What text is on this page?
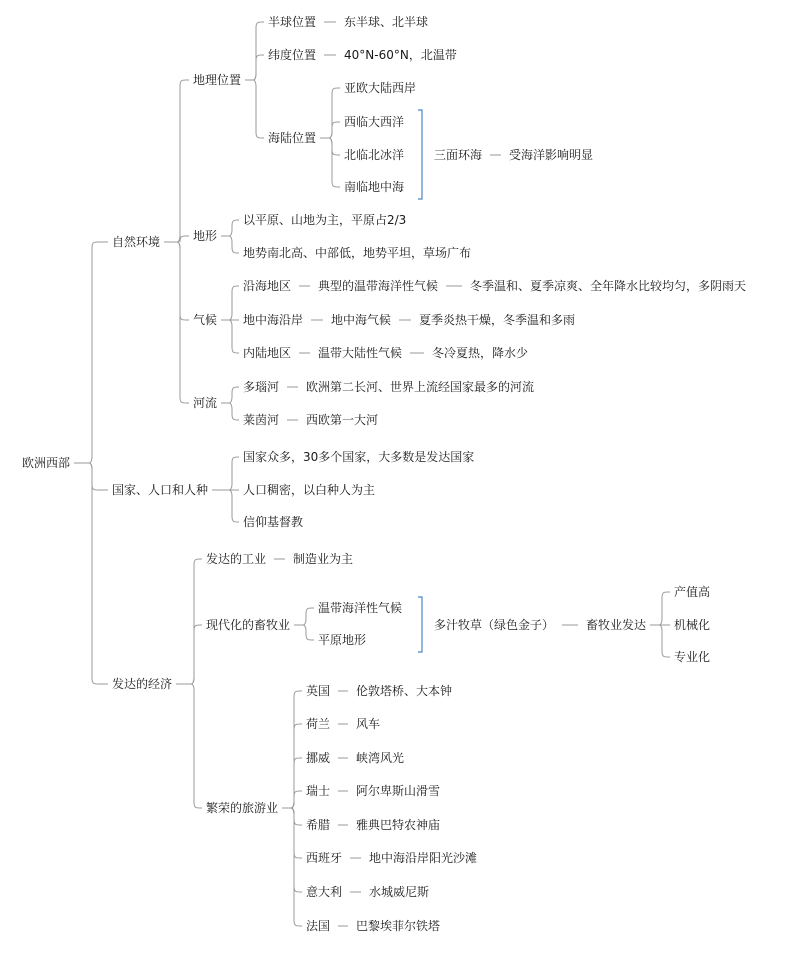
欧洲西部
自然环境
地理位置
半球位置 东半球、北半球
纬度位置 40°N-60°N，北温带
海陆位置
亚欧大陆西岸
西临大西洋
北临北冰洋
南临地中海
三面环海 受海洋影响明显
地形
以平原、山地为主，平原占2/3
地势南北高、中部低，地势平坦，草场广布
气候
沿海地区 典型的温带海洋性气候	冬季温和、夏季凉爽、全年降水比较均匀，多阴雨天
地中海沿岸 地中海气候 夏季炎热干燥，冬季温和多雨
内陆地区 温带大陆性气候 冬冷夏热，降水少
河流
多瑙河 欧洲第二长河、世界上流经国家最多的河流
莱茵河 西欧第一大河
国家、人口和人种
国家众多，30多个国家，大多数是发达国家
人口稠密，以白种人为主
信仰基督教
发达的经济
发达的工业 制造业为主
现代化的畜牧业
温带海洋性气候
平原地形
多汁牧草（绿色金子）	畜牧业发达
产值高
机械化
专业化
繁荣的旅游业
英国 伦敦塔桥、大本钟
荷兰 风车
挪威 峡湾风光
瑞士 阿尔卑斯山滑雪
希腊 雅典巴特农神庙
西班牙 地中海沿岸阳光沙滩
意大利 水城威尼斯
法国 巴黎埃菲尔铁塔
